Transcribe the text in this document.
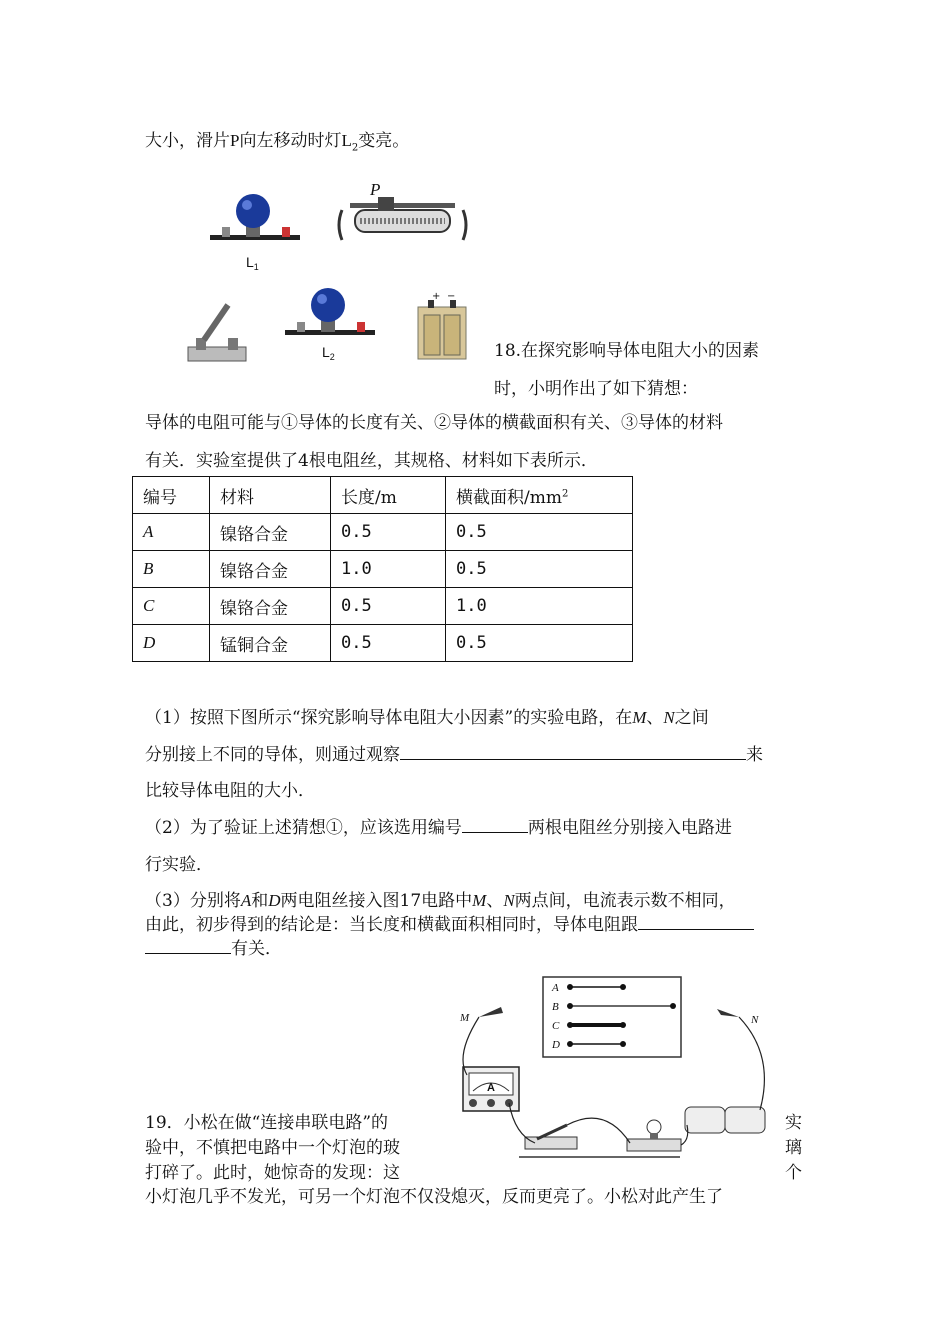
大小，滑片P向左移动时灯$L_2$变亮。
$L_1$
P
$L_2$
+ −
18.在探究影响导体电阻大小的因素
时，小明作出了如下猜想：
导体的电阻可能与①导体的长度有关、②导体的横截面积有关、③导体的材料
有关．实验室提供了4根电阻丝，其规格、材料如下表所示．
编号	材料	长度/m	横截面积$/mm^2$
A	镍铬合金	0.5	0.5
B	镍铬合金	1.0	0.5
C	镍铬合金	0.5	1.0
D	锰铜合金	0.5	0.5
（1）按照下图所示“探究影响导体电阻大小因素”的实验电路，在M、N之间
分别接上不同的导体，则通过观察	来
比较导体电阻的大小．
（2）为了验证上述猜想①，应该选用编号	两根电阻丝分别接入电路进
行实验．
（3）分别将A和D两电阻丝接入图17电路中M、N两点间，电流表示数不相同，
由此，初步得到的结论是：当长度和横截面积相同时，导体电阻跟
有关．
A
B
C
D
M	N
A
19．小松在做“连接串联电路”的	实
验中，不慎把电路中一个灯泡的玻	璃
打碎了。此时，她惊奇的发现：这	个
小灯泡几乎不发光，可另一个灯泡不仅没熄灭，反而更亮了。小松对此产生了
